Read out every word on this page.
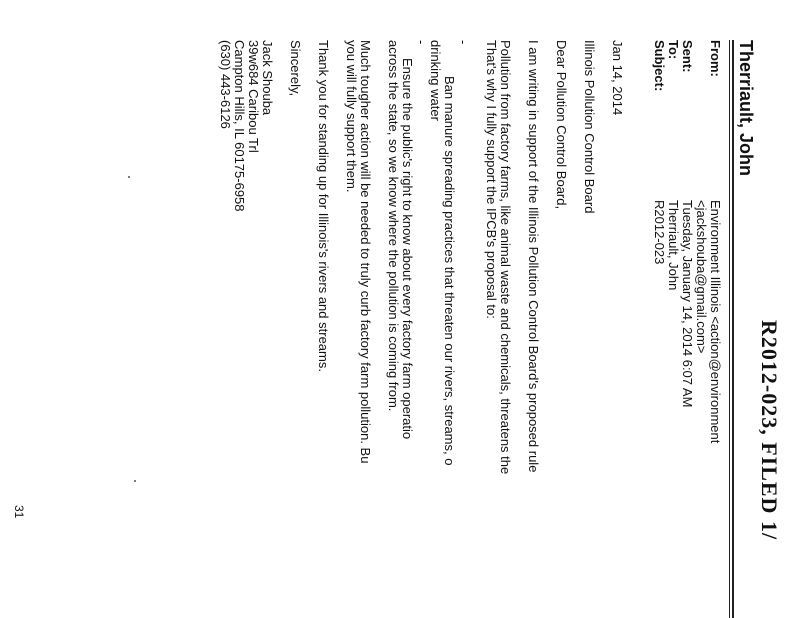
R2012-023, FILED 1/
Therriault, John
From:
Environment Illinois <action@environment
<jackshouba@gmail.com>
Sent:
Tuesday, January 14, 2014 6:07 AM
To:
Therriault, John
Subject:
R2012-023
Jan 14, 2014
Illinois Pollution Control Board
Dear Pollution Control Board,
I am writing in support of the Illinois Pollution Control Board's proposed rule
Pollution from factory farms, like animal waste and chemicals, threatens the
That's why I fully support the IPCB's proposal to:
-
Ban manure spreading practices that threaten our rivers, streams, o
drinking water
-
Ensure the public's right to know about every factory farm operatio
across the state, so we know where the pollution is coming from.
Much tougher action will be needed to truly curb factory farm pollution. Bu
you will fully support them.
Thank you for standing up for Illinois's rivers and streams.
Sincerely,
Jack Shouba
39w684 Caribou Trl
Campton Hills, IL 60175-6958
(630) 443-6126
31
